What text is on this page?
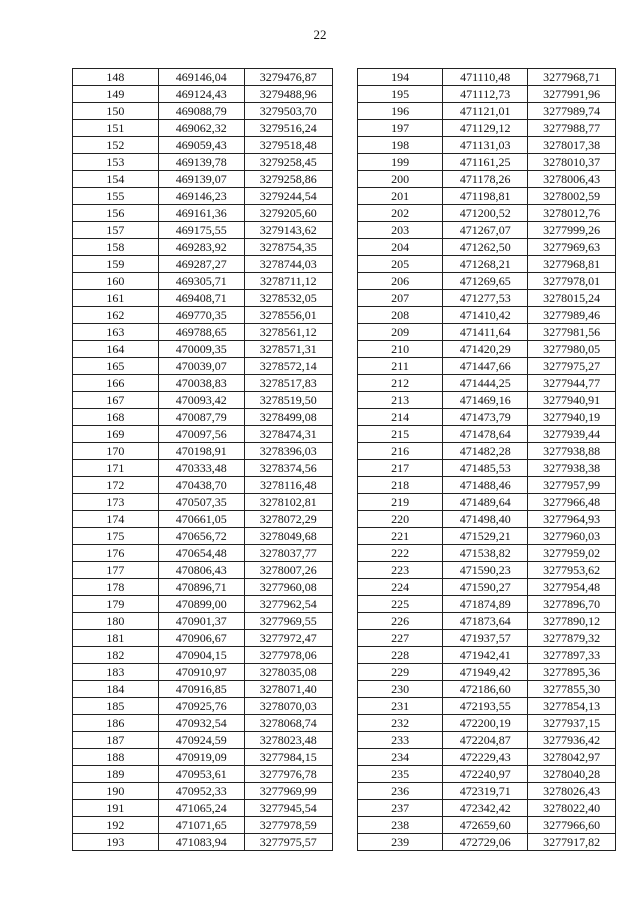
22
148	469146,04	3279476,87
149	469124,43	3279488,96
150	469088,79	3279503,70
151	469062,32	3279516,24
152	469059,43	3279518,48
153	469139,78	3279258,45
154	469139,07	3279258,86
155	469146,23	3279244,54
156	469161,36	3279205,60
157	469175,55	3279143,62
158	469283,92	3278754,35
159	469287,27	3278744,03
160	469305,71	3278711,12
161	469408,71	3278532,05
162	469770,35	3278556,01
163	469788,65	3278561,12
164	470009,35	3278571,31
165	470039,07	3278572,14
166	470038,83	3278517,83
167	470093,42	3278519,50
168	470087,79	3278499,08
169	470097,56	3278474,31
170	470198,91	3278396,03
171	470333,48	3278374,56
172	470438,70	3278116,48
173	470507,35	3278102,81
174	470661,05	3278072,29
175	470656,72	3278049,68
176	470654,48	3278037,77
177	470806,43	3278007,26
178	470896,71	3277960,08
179	470899,00	3277962,54
180	470901,37	3277969,55
181	470906,67	3277972,47
182	470904,15	3277978,06
183	470910,97	3278035,08
184	470916,85	3278071,40
185	470925,76	3278070,03
186	470932,54	3278068,74
187	470924,59	3278023,48
188	470919,09	3277984,15
189	470953,61	3277976,78
190	470952,33	3277969,99
191	471065,24	3277945,54
192	471071,65	3277978,59
193	471083,94	3277975,57
194	471110,48	3277968,71
195	471112,73	3277991,96
196	471121,01	3277989,74
197	471129,12	3277988,77
198	471131,03	3278017,38
199	471161,25	3278010,37
200	471178,26	3278006,43
201	471198,81	3278002,59
202	471200,52	3278012,76
203	471267,07	3277999,26
204	471262,50	3277969,63
205	471268,21	3277968,81
206	471269,65	3277978,01
207	471277,53	3278015,24
208	471410,42	3277989,46
209	471411,64	3277981,56
210	471420,29	3277980,05
211	471447,66	3277975,27
212	471444,25	3277944,77
213	471469,16	3277940,91
214	471473,79	3277940,19
215	471478,64	3277939,44
216	471482,28	3277938,88
217	471485,53	3277938,38
218	471488,46	3277957,99
219	471489,64	3277966,48
220	471498,40	3277964,93
221	471529,21	3277960,03
222	471538,82	3277959,02
223	471590,23	3277953,62
224	471590,27	3277954,48
225	471874,89	3277896,70
226	471873,64	3277890,12
227	471937,57	3277879,32
228	471942,41	3277897,33
229	471949,42	3277895,36
230	472186,60	3277855,30
231	472193,55	3277854,13
232	472200,19	3277937,15
233	472204,87	3277936,42
234	472229,43	3278042,97
235	472240,97	3278040,28
236	472319,71	3278026,43
237	472342,42	3278022,40
238	472659,60	3277966,60
239	472729,06	3277917,82
